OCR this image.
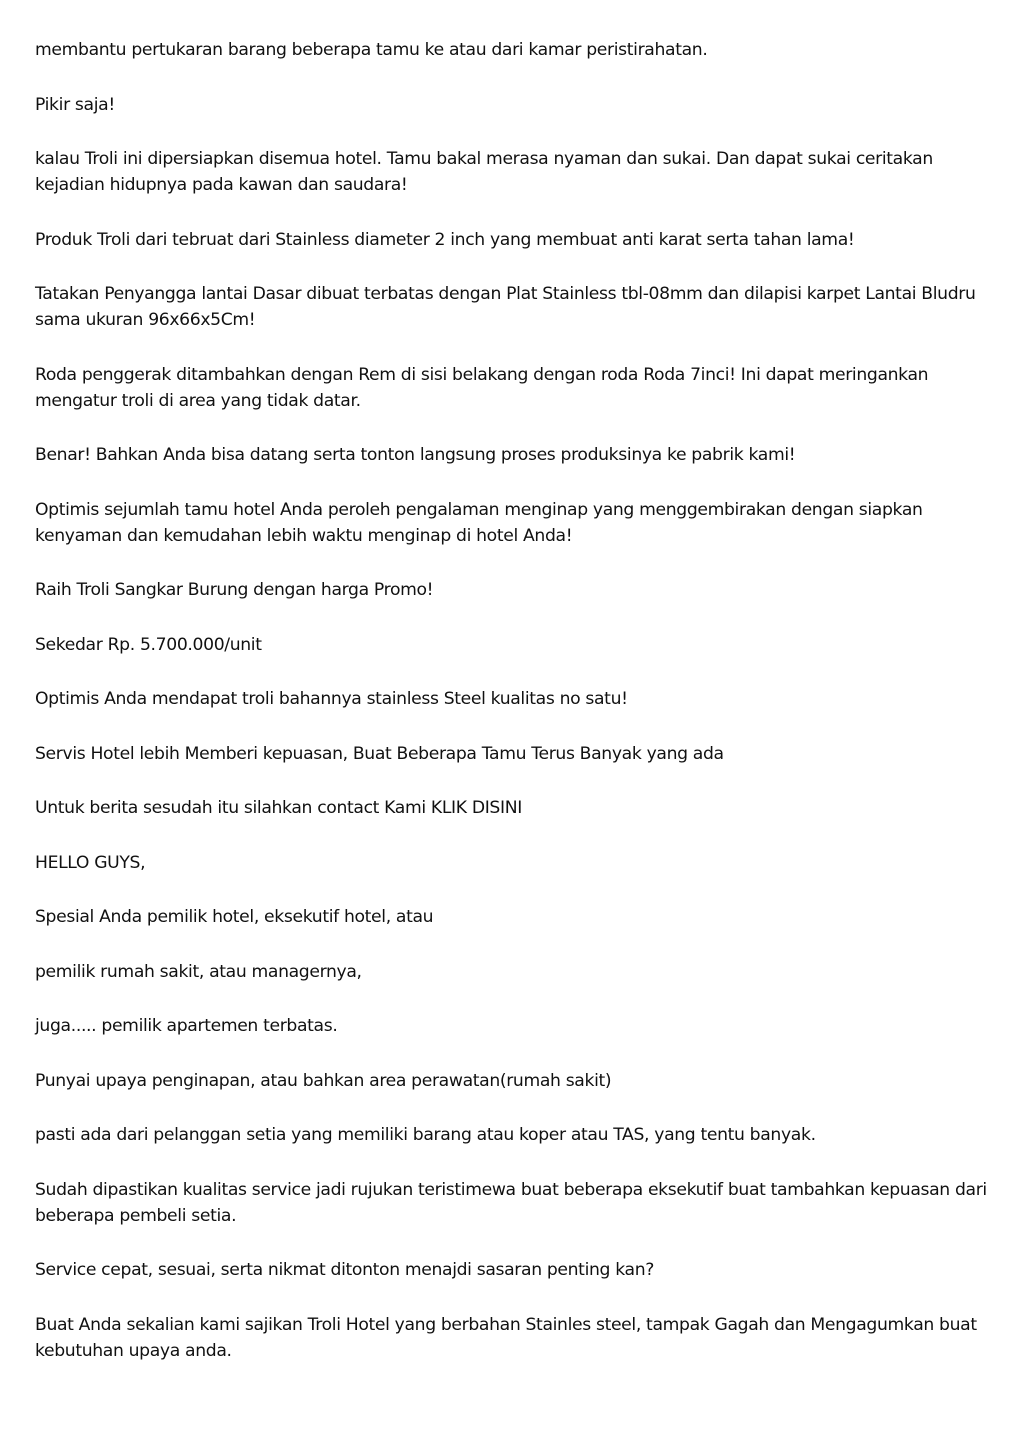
membantu pertukaran barang beberapa tamu ke atau dari kamar peristirahatan.

Pikir saja!

kalau Troli ini dipersiapkan disemua hotel. Tamu bakal merasa nyaman dan sukai. Dan dapat sukai ceritakan kejadian hidupnya pada kawan dan saudara!

Produk Troli dari tebruat dari Stainless diameter 2 inch yang membuat anti karat serta tahan lama!

Tatakan Penyangga lantai Dasar dibuat terbatas dengan Plat Stainless tbl-08mm dan dilapisi karpet Lantai Bludru sama ukuran 96x66x5Cm!

Roda penggerak ditambahkan dengan Rem di sisi belakang dengan roda Roda 7inci! Ini dapat meringankan mengatur troli di area yang tidak datar.

Benar! Bahkan Anda bisa datang serta tonton langsung proses produksinya ke pabrik kami!

Optimis sejumlah tamu hotel Anda peroleh pengalaman menginap yang menggembirakan dengan siapkan kenyaman dan kemudahan lebih waktu menginap di hotel Anda!

Raih Troli Sangkar Burung dengan harga Promo!

Sekedar Rp. 5.700.000/unit

Optimis Anda mendapat troli bahannya stainless Steel kualitas no satu!

Servis Hotel lebih Memberi kepuasan, Buat Beberapa Tamu Terus Banyak yang ada

Untuk berita sesudah itu silahkan contact Kami KLIK DISINI

HELLO GUYS,

Spesial Anda pemilik hotel, eksekutif hotel, atau

pemilik rumah sakit, atau managernya,

juga..... pemilik apartemen terbatas.

Punyai upaya penginapan, atau bahkan area perawatan(rumah sakit)

pasti ada dari pelanggan setia yang memiliki barang atau koper atau TAS, yang tentu banyak.

Sudah dipastikan kualitas service jadi rujukan teristimewa buat beberapa eksekutif buat tambahkan kepuasan dari beberapa pembeli setia.

Service cepat, sesuai, serta nikmat ditonton menajdi sasaran penting kan?

Buat Anda sekalian kami sajikan Troli Hotel yang berbahan Stainles steel, tampak Gagah dan Mengagumkan buat kebutuhan upaya anda.
